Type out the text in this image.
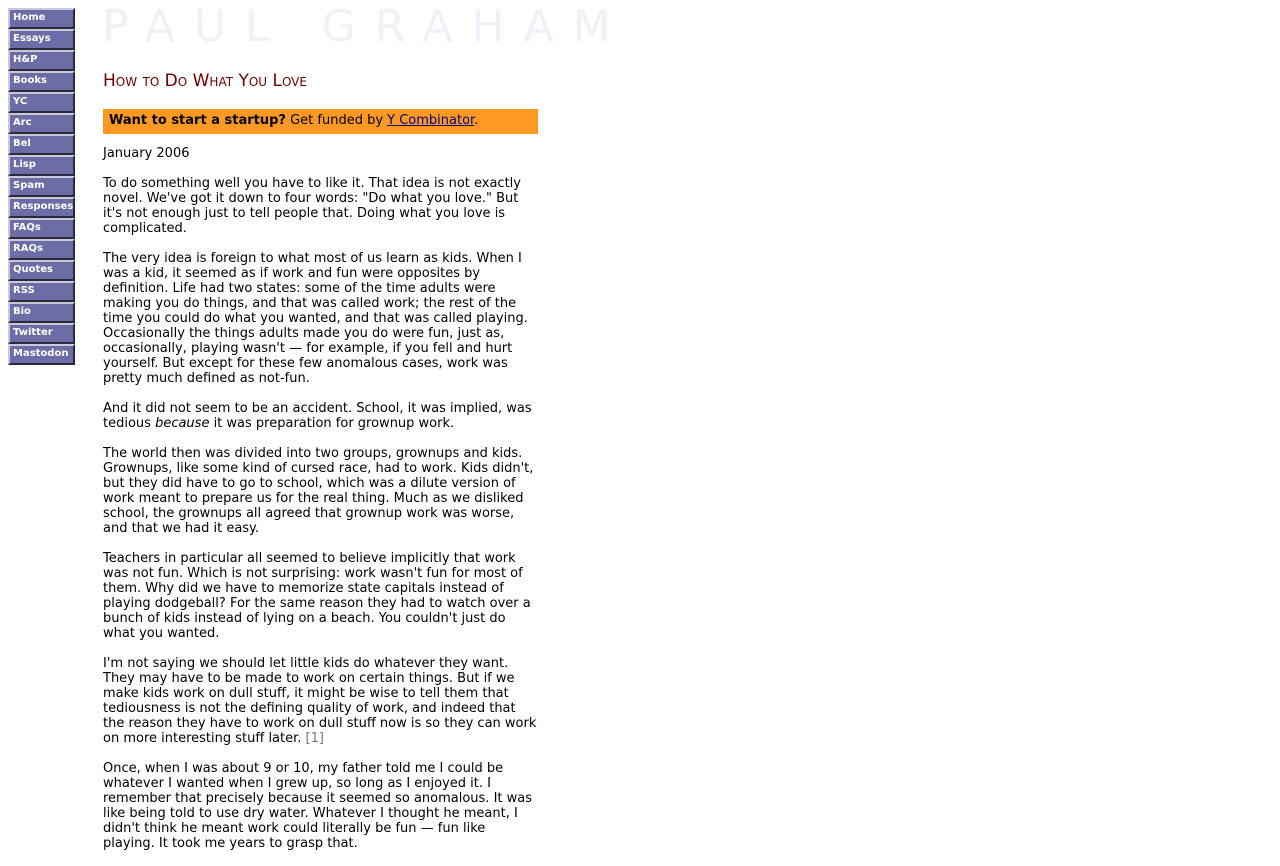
Home
Essays
H&P
Books
YC
Arc
Bel
Lisp
Spam
Responses
FAQs
RAQs
Quotes
RSS
Bio
Twitter
Mastodon
PAUL GRAHAM
How to Do What You Love
Want to start a startup? Get funded by Y Combinator.

January 2006

To do something well you have to like it. That idea is not exactly novel. We've got it down to four words: "Do what you love." But it's not enough just to tell people that. Doing what you love is complicated.

The very idea is foreign to what most of us learn as kids. When I was a kid, it seemed as if work and fun were opposites by definition. Life had two states: some of the time adults were making you do things, and that was called work; the rest of the time you could do what you wanted, and that was called playing. Occasionally the things adults made you do were fun, just as, occasionally, playing wasn't — for example, if you fell and hurt yourself. But except for these few anomalous cases, work was pretty much defined as not-fun.

And it did not seem to be an accident. School, it was implied, was tedious because it was preparation for grownup work.

The world then was divided into two groups, grownups and kids. Grownups, like some kind of cursed race, had to work. Kids didn't, but they did have to go to school, which was a dilute version of work meant to prepare us for the real thing. Much as we disliked school, the grownups all agreed that grownup work was worse, and that we had it easy.

Teachers in particular all seemed to believe implicitly that work was not fun. Which is not surprising: work wasn't fun for most of them. Why did we have to memorize state capitals instead of playing dodgeball? For the same reason they had to watch over a bunch of kids instead of lying on a beach. You couldn't just do what you wanted.

I'm not saying we should let little kids do whatever they want. They may have to be made to work on certain things. But if we make kids work on dull stuff, it might be wise to tell them that tediousness is not the defining quality of work, and indeed that the reason they have to work on dull stuff now is so they can work on more interesting stuff later. [1]

Once, when I was about 9 or 10, my father told me I could be whatever I wanted when I grew up, so long as I enjoyed it. I remember that precisely because it seemed so anomalous. It was like being told to use dry water. Whatever I thought he meant, I didn't think he meant work could literally be fun — fun like playing. It took me years to grasp that.
